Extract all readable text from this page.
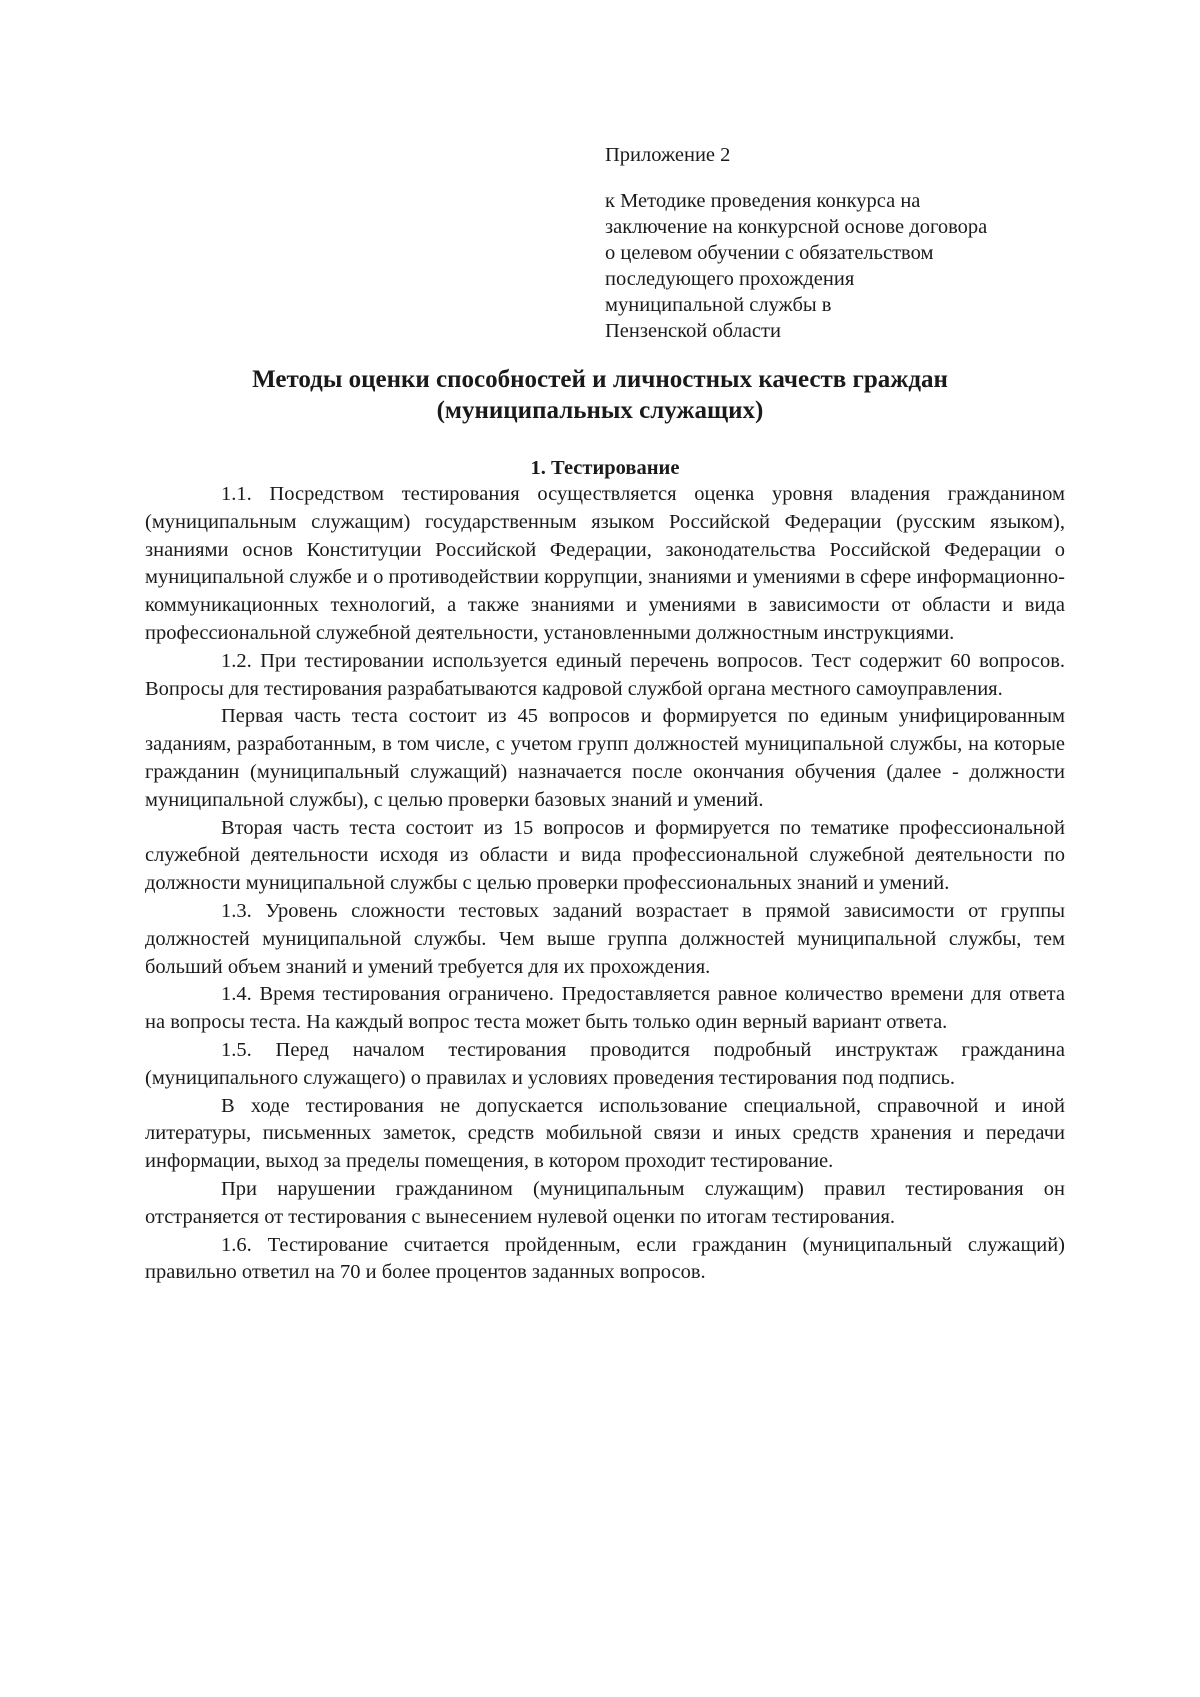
Приложение 2

к Методике проведения конкурса на
заключение на конкурсной основе договора
о целевом обучении с обязательством
последующего прохождения
муниципальной службы в
Пензенской области

Методы оценки способностей и личностных качеств граждан
(муниципальных служащих)
1. Тестирование

1.1. Посредством тестирования осуществляется оценка уровня владения гражданином (муниципальным служащим) государственным языком Российской Федерации (русским языком), знаниями основ Конституции Российской Федерации, законодательства Российской Федерации о муниципальной службе и о противодействии коррупции, знаниями и умениями в сфере информационно-коммуникационных технологий, а также знаниями и умениями в зависимости от области и вида профессиональной служебной деятельности, установленными должностным инструкциями.

1.2. При тестировании используется единый перечень вопросов. Тест содержит 60 вопросов. Вопросы для тестирования разрабатываются кадровой службой органа местного самоуправления.

Первая часть теста состоит из 45 вопросов и формируется по единым унифицированным заданиям, разработанным, в том числе, с учетом групп должностей муниципальной службы, на которые гражданин (муниципальный служащий) назначается после окончания обучения (далее - должности муниципальной службы), с целью проверки базовых знаний и умений.

Вторая часть теста состоит из 15 вопросов и формируется по тематике профессиональной служебной деятельности исходя из области и вида профессиональной служебной деятельности по должности муниципальной службы с целью проверки профессиональных знаний и умений.

1.3. Уровень сложности тестовых заданий возрастает в прямой зависимости от группы должностей муниципальной службы. Чем выше группа должностей муниципальной службы, тем больший объем знаний и умений требуется для их прохождения.

1.4. Время тестирования ограничено. Предоставляется равное количество времени для ответа на вопросы теста. На каждый вопрос теста может быть только один верный вариант ответа.

1.5. Перед началом тестирования проводится подробный инструктаж гражданина (муниципального служащего) о правилах и условиях проведения тестирования под подпись.

В ходе тестирования не допускается использование специальной, справочной и иной литературы, письменных заметок, средств мобильной связи и иных средств хранения и передачи информации, выход за пределы помещения, в котором проходит тестирование.

При нарушении гражданином (муниципальным служащим) правил тестирования он отстраняется от тестирования с вынесением нулевой оценки по итогам тестирования.

1.6. Тестирование считается пройденным, если гражданин (муниципальный служащий) правильно ответил на 70 и более процентов заданных вопросов.
